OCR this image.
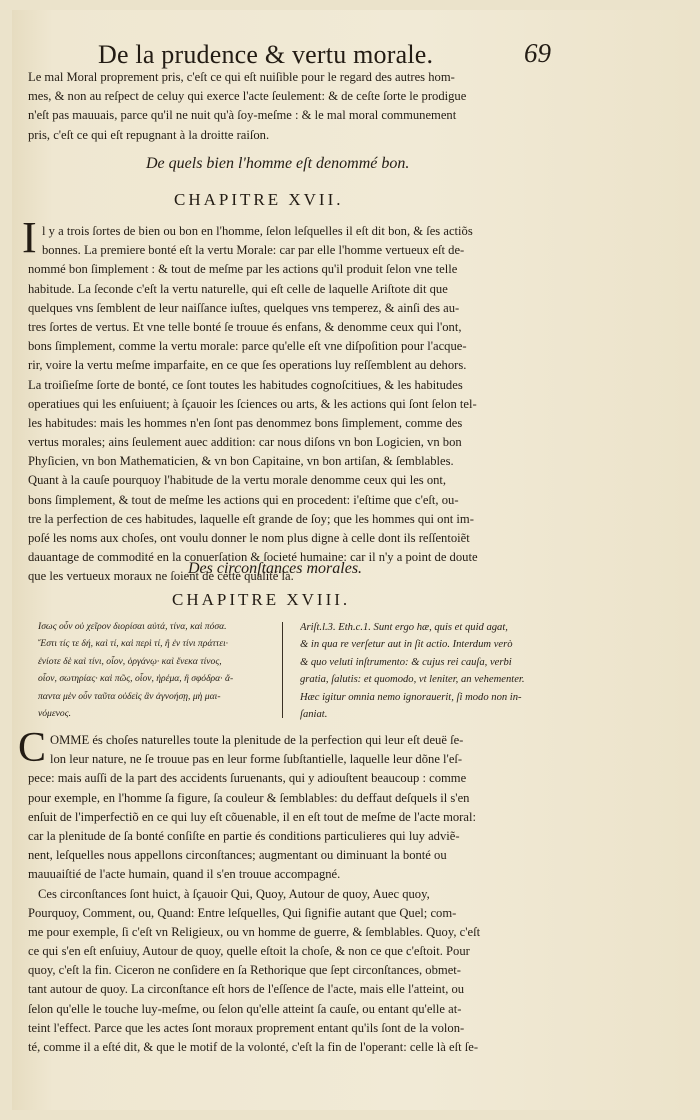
De la prudence & vertu morale.	69
Le mal Moral proprement pris, c'eſt ce qui eſt nuiſible pour le regard des autres hom-
mes, & non au reſpect de celuy qui exerce l'acte ſeulement: & de ceſte ſorte le prodigue
n'eſt pas mauuais, parce qu'il ne nuit qu'à ſoy-meſme : & le mal moral communement
pris, c'eſt ce qui eſt repugnant à la droitte raiſon.
De quels bien l'homme eſt denommé bon.
CHAPITRE XVII.
I l y a trois ſortes de bien ou bon en l'homme, ſelon leſquelles il eſt dit bon, & ſes actiõs
bonnes. La premiere bonté eſt la vertu Morale: car par elle l'homme vertueux eſt de-
nommé bon ſimplement : & tout de meſme par les actions qu'il produit ſelon vne telle
habitude. La ſeconde c'eſt la vertu naturelle, qui eſt celle de laquelle Ariſtote dit que
quelques vns ſemblent de leur naiſſance iuſtes, quelques vns temperez, & ainſi des au-
tres ſortes de vertus. Et vne telle bonté ſe trouue és enfans, & denomme ceux qui l'ont,
bons ſimplement, comme la vertu morale: parce qu'elle eſt vne diſpoſition pour l'acque-
rir, voire la vertu meſme imparfaite, en ce que ſes operations luy reſſemblent au dehors.
La troiſieſme ſorte de bonté, ce ſont toutes les habitudes cognoſcitiues, & les habitudes
operatiues qui les enſuiuent; à ſçauoir les ſciences ou arts, & les actions qui ſont ſelon tel-
les habitudes: mais les hommes n'en ſont pas denommez bons ſimplement, comme des
vertus morales; ains ſeulement auec addition: car nous diſons vn bon Logicien, vn bon
Phyſicien, vn bon Mathematicien, & vn bon Capitaine, vn bon artiſan, & ſemblables.
Quant à la cauſe pourquoy l'habitude de la vertu morale denomme ceux qui les ont,
bons ſimplement, & tout de meſme les actions qui en procedent: i'eſtime que c'eſt, ou-
tre la perfection de ces habitudes, laquelle eſt grande de ſoy; que les hommes qui ont im-
poſé les noms aux choſes, ont voulu donner le nom plus digne à celle dont ils reſſentoiẽt
dauantage de commodité en la conuerſation & ſocieté humaine: car il n'y a point de doute
que les vertueux moraux ne ſoient de cette qualité là.
Des circonſtances morales.
CHAPITRE XVIII.
Ισως οὖν οὐ χεῖρον διορίσαι αὐτά, τίνα, καὶ πόσα.
Ἔστι τίς τε δή, καὶ τί, καὶ περὶ τί, ἢ ἐν τίνι πράττει·
ἐνίοτε δὲ καὶ τίνι, οἷον, ὀργάνῳ· καὶ ἕνεκα τίνος,
οἷον, σωτηρίας· καὶ πῶς, οἷον, ἠρέμα, ἢ σφόδρα· ἅ-
παντα μὲν οὖν ταῦτα οὐδεὶς ἂν ἀγνοήσῃ, μὴ μαι-
νόμενος.
Ariſt.l.3. Eth.c.1. Sunt ergo hæ, quis et quid agat,
& in qua re verſetur aut in ſit actio. Interdum verò
& quo veluti inſtrumento: & cujus rei cauſa, verbi
gratia, ſalutis: et quomodo, vt leniter, an vehementer.
Hæc igitur omnia nemo ignorauerit, ſi modo non in-
ſaniat.
C OMME és choſes naturelles toute la plenitude de la perfection qui leur eſt deuë ſe-
lon leur nature, ne ſe trouue pas en leur forme ſubſtantielle, laquelle leur dõne l'eſ-
pece: mais auſſi de la part des accidents ſuruenants, qui y adiouſtent beaucoup : comme
pour exemple, en l'homme ſa figure, ſa couleur & ſemblables: du deffaut deſquels il s'en
enſuit de l'imperfectiõ en ce qui luy eſt cõuenable, il en eſt tout de meſme de l'acte moral:
car la plenitude de ſa bonté conſiſte en partie és conditions particulieres qui luy adviẽ-
nent, leſquelles nous appellons circonſtances; augmentant ou diminuant la bonté ou
mauuaiſtié de l'acte humain, quand il s'en trouue accompagné.
Ces circonſtances ſont huict, à ſçauoir Qui, Quoy, Autour de quoy, Auec quoy,
Pourquoy, Comment, ou, Quand: Entre leſquelles, Qui ſignifie autant que Quel; com-
me pour exemple, ſi c'eſt vn Religieux, ou vn homme de guerre, & ſemblables. Quoy, c'eſt
ce qui s'en eſt enſuiuy, Autour de quoy, quelle eſtoit la choſe, & non ce que c'eſtoit. Pour
quoy, c'eſt la fin. Ciceron ne conſidere en ſa Rethorique que ſept circonſtances, obmet-
tant autour de quoy. La circonſtance eſt hors de l'eſſence de l'acte, mais elle l'atteint, ou
ſelon qu'elle le touche luy-meſme, ou ſelon qu'elle atteint ſa cauſe, ou entant qu'elle at-
teint l'effect. Parce que les actes ſont moraux proprement entant qu'ils ſont de la volon-
té, comme il a eſté dit, & que le motif de la volonté, c'eſt la fin de l'operant: celle là eſt ſe-
